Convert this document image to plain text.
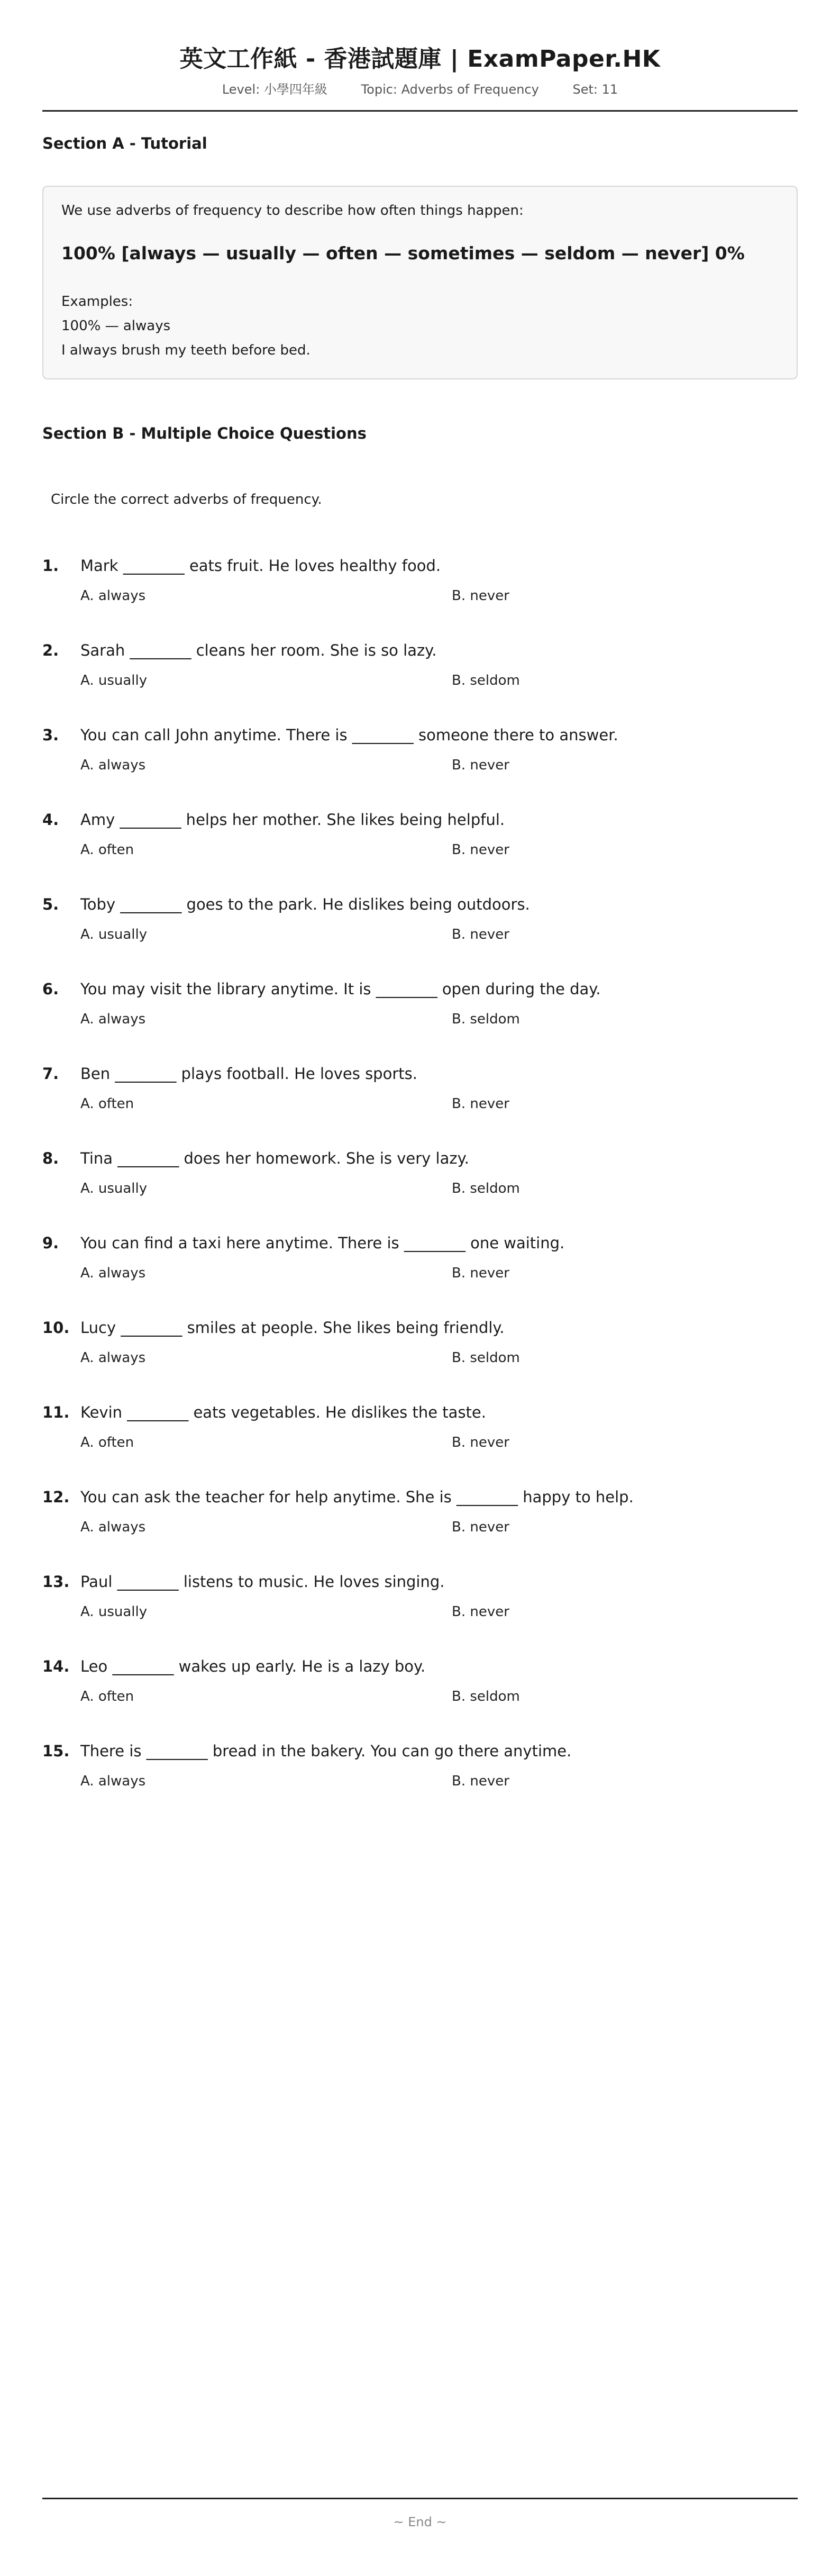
英文工作紙 - 香港試題庫 | ExamPaper.HK
Level: 小學四年級	Topic: Adverbs of Frequency	Set: 11
Section A - Tutorial

We use adverbs of frequency to describe how often things happen:

100% [always — usually — often — sometimes — seldom — never] 0%

Examples:

100% — always

I always brush my teeth before bed.

Section B - Multiple Choice Questions
Circle the correct adverbs of frequency.
1. Mark ________ eats fruit. He loves healthy food.
A. always	B. never
2. Sarah ________ cleans her room. She is so lazy.
A. usually	B. seldom
3. You can call John anytime. There is ________ someone there to answer.
A. always	B. never
4. Amy ________ helps her mother. She likes being helpful.
A. often	B. never
5. Toby ________ goes to the park. He dislikes being outdoors.
A. usually	B. never
6. You may visit the library anytime. It is ________ open during the day.
A. always	B. seldom
7. Ben ________ plays football. He loves sports.
A. often	B. never
8. Tina ________ does her homework. She is very lazy.
A. usually	B. seldom
9. You can find a taxi here anytime. There is ________ one waiting.
A. always	B. never
10. Lucy ________ smiles at people. She likes being friendly.
A. always	B. seldom
11. Kevin ________ eats vegetables. He dislikes the taste.
A. often	B. never
12. You can ask the teacher for help anytime. She is ________ happy to help.
A. always	B. never
13. Paul ________ listens to music. He loves singing.
A. usually	B. never
14. Leo ________ wakes up early. He is a lazy boy.
A. often	B. seldom
15. There is ________ bread in the bakery. You can go there anytime.
A. always	B. never
~ End ~
